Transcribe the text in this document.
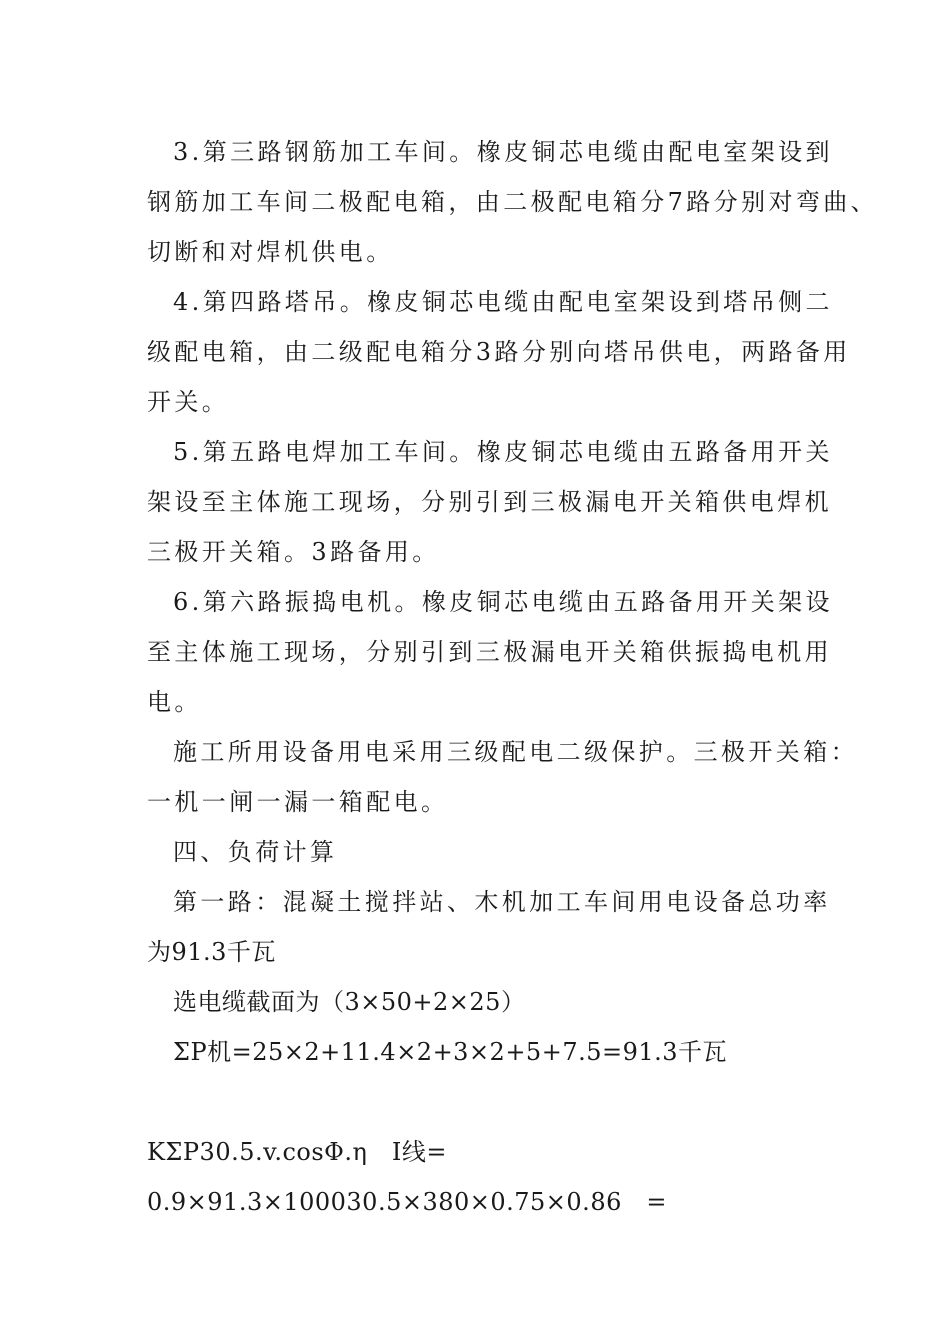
3.第三路钢筋加工车间。橡皮铜芯电缆由配电室架设到
钢筋加工车间二极配电箱，由二极配电箱分7路分别对弯曲、
切断和对焊机供电。
4.第四路塔吊。橡皮铜芯电缆由配电室架设到塔吊侧二
级配电箱，由二级配电箱分3路分别向塔吊供电，两路备用
开关。
5.第五路电焊加工车间。橡皮铜芯电缆由五路备用开关
架设至主体施工现场，分别引到三极漏电开关箱供电焊机
三极开关箱。3路备用。
6.第六路振捣电机。橡皮铜芯电缆由五路备用开关架设
至主体施工现场，分别引到三极漏电开关箱供振捣电机用
电。
施工所用设备用电采用三级配电二级保护。三极开关箱：
一机一闸一漏一箱配电。
四、负荷计算
第一路：混凝土搅拌站、木机加工车间用电设备总功率
为91.3千瓦
选电缆截面为（3×50+2×25）
ΣP机=25×2+11.4×2+3×2+5+7.5=91.3千瓦
KΣP30.5.v.cosΦ.η　I线=
0.9×91.3×100030.5×380×0.75×0.86　=
